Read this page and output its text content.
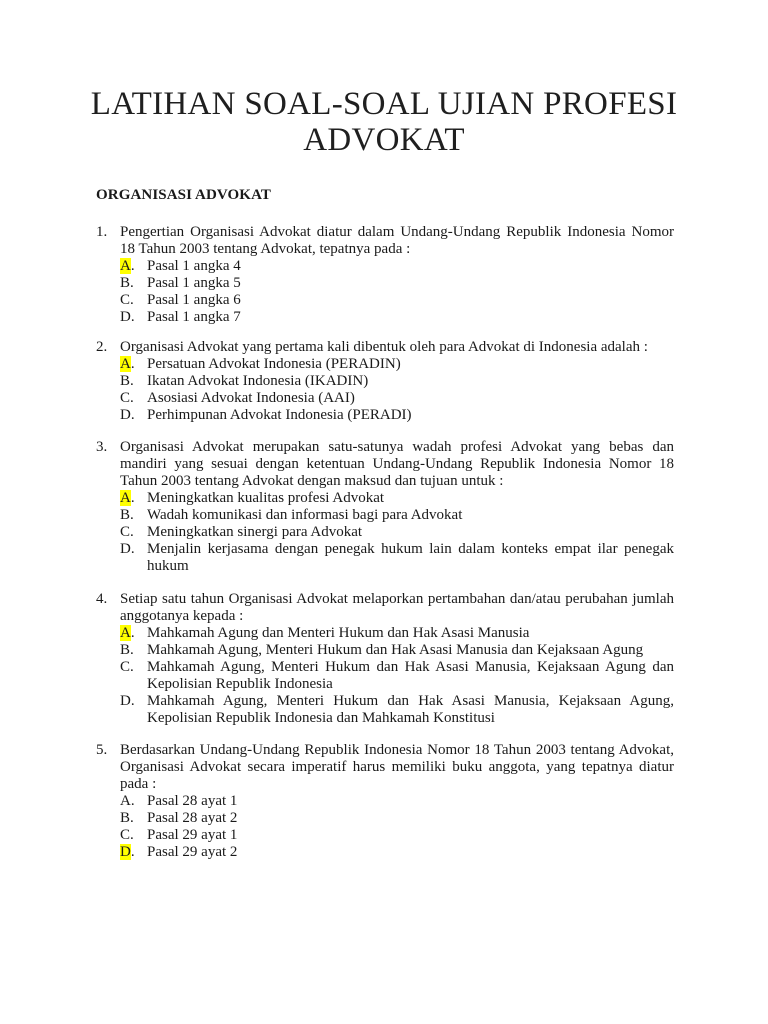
LATIHAN SOAL-SOAL UJIAN PROFESI ADVOKAT
ORGANISASI ADVOKAT
1. Pengertian Organisasi Advokat diatur dalam Undang-Undang Republik Indonesia Nomor 18 Tahun 2003 tentang Advokat, tepatnya pada :
A. Pasal 1 angka 4
B. Pasal 1 angka 5
C. Pasal 1 angka 6
D. Pasal 1 angka 7
2. Organisasi Advokat yang pertama kali dibentuk oleh para Advokat di Indonesia adalah :
A. Persatuan Advokat Indonesia (PERADIN)
B. Ikatan Advokat Indonesia (IKADIN)
C. Asosiasi Advokat Indonesia (AAI)
D. Perhimpunan Advokat Indonesia (PERADI)
3. Organisasi Advokat merupakan satu-satunya wadah profesi Advokat yang bebas dan mandiri yang sesuai dengan ketentuan Undang-Undang Republik Indonesia Nomor 18 Tahun 2003 tentang Advokat dengan maksud dan tujuan untuk :
A. Meningkatkan kualitas profesi Advokat
B. Wadah komunikasi dan informasi bagi para Advokat
C. Meningkatkan sinergi para Advokat
D. Menjalin kerjasama dengan penegak hukum lain dalam konteks empat ilar penegak hukum
4. Setiap satu tahun Organisasi Advokat melaporkan pertambahan dan/atau perubahan jumlah anggotanya kepada :
A. Mahkamah Agung dan Menteri Hukum dan Hak Asasi Manusia
B. Mahkamah Agung, Menteri Hukum dan Hak Asasi Manusia dan Kejaksaan Agung
C. Mahkamah Agung, Menteri Hukum dan Hak Asasi Manusia, Kejaksaan Agung dan Kepolisian Republik Indonesia
D. Mahkamah Agung, Menteri Hukum dan Hak Asasi Manusia, Kejaksaan Agung, Kepolisian Republik Indonesia dan Mahkamah Konstitusi
5. Berdasarkan Undang-Undang Republik Indonesia Nomor 18 Tahun 2003 tentang Advokat, Organisasi Advokat secara imperatif harus memiliki buku anggota, yang tepatnya diatur pada :
A. Pasal 28 ayat 1
B. Pasal 28 ayat 2
C. Pasal 29 ayat 1
D. Pasal 29 ayat 2
